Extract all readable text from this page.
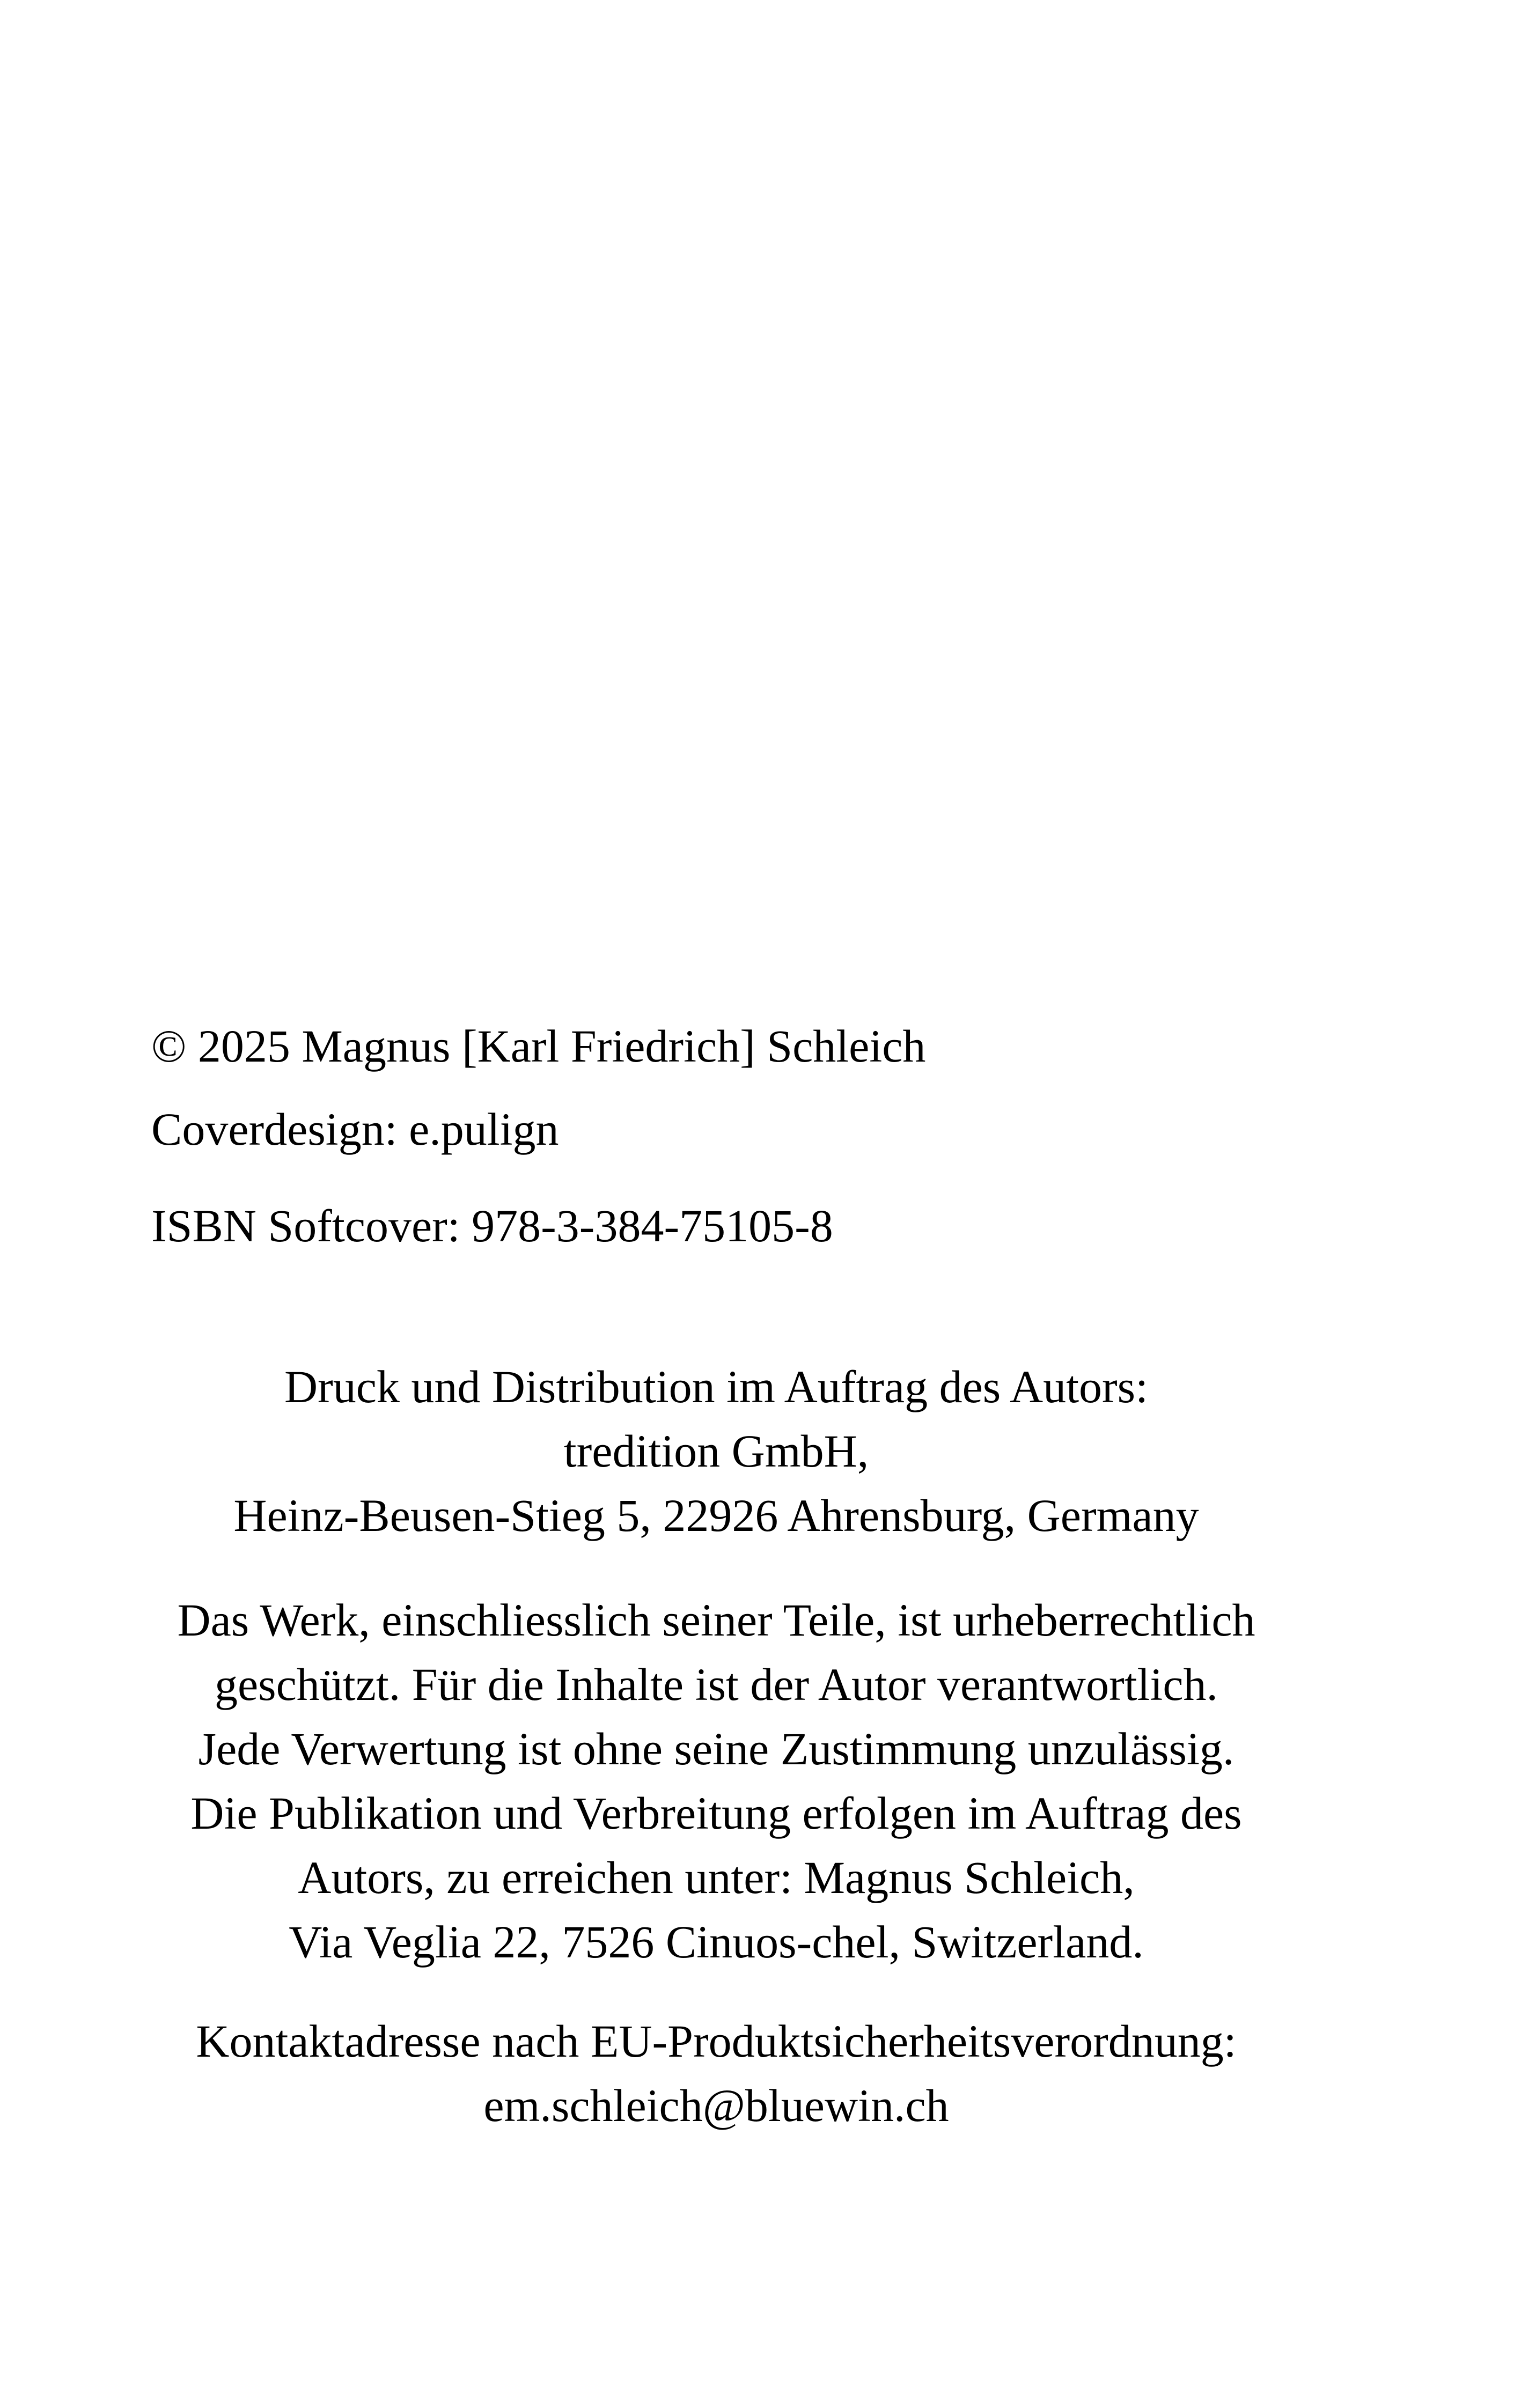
© 2025 Magnus [Karl Friedrich] Schleich

Coverdesign: e.pulign

ISBN Softcover: 978-3-384-75105-8

Druck und Distribution im Auftrag des Autors:

tredition GmbH,

Heinz-Beusen-Stieg 5, 22926 Ahrensburg, Germany

Das Werk, einschliesslich seiner Teile, ist urheberrechtlich

geschützt. Für die Inhalte ist der Autor verantwortlich.

Jede Verwertung ist ohne seine Zustimmung unzulässig.

Die Publikation und Verbreitung erfolgen im Auftrag des

Autors, zu erreichen unter: Magnus Schleich,

Via Veglia 22, 7526 Cinuos-chel, Switzerland.

Kontaktadresse nach EU-Produktsicherheitsverordnung:

em.schleich@bluewin.ch
